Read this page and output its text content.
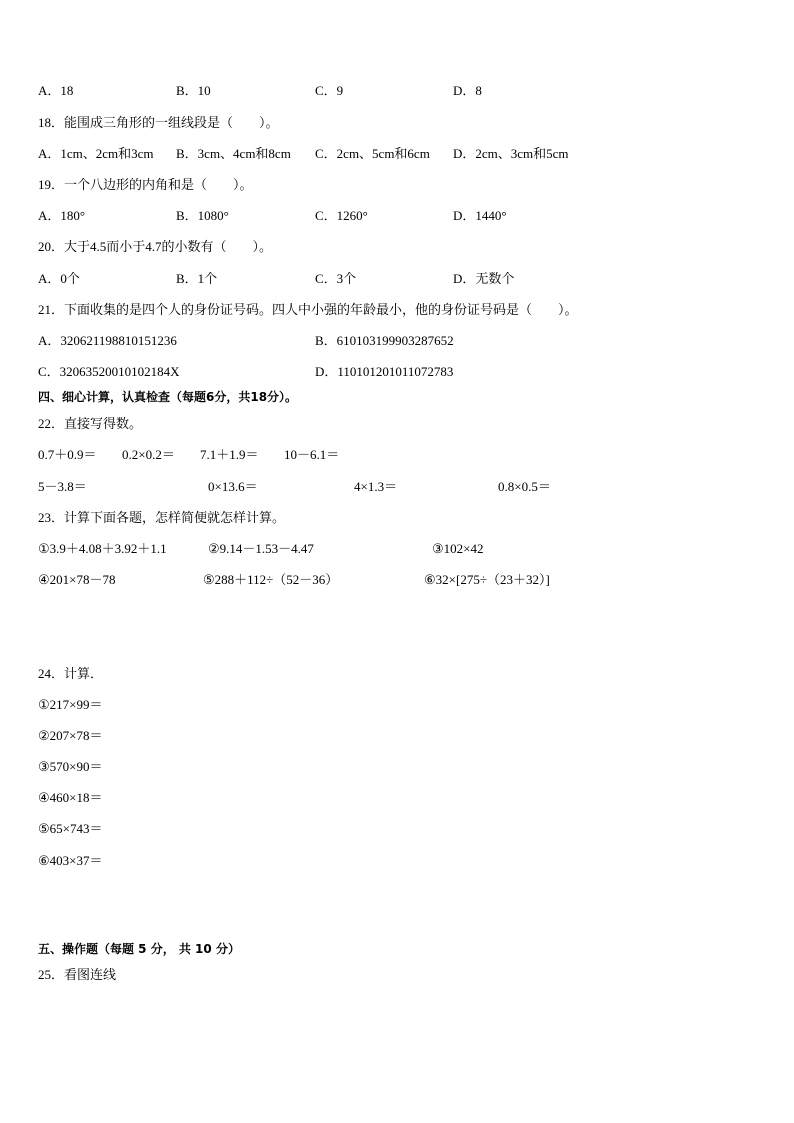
A．18	B．10	C．9	D．8
18．能围成三角形的一组线段是（　　）。
A．1cm、2cm和3cm B．3cm、4cm和8cm C．2cm、5cm和6cm D．2cm、3cm和5cm
19．一个八边形的内角和是（　　）。
A．180°	B．1080°	C．1260°	D．1440°
20．大于4.5而小于4.7的小数有（　　）。
A．0个	B．1个	C．3个	D．无数个
21．下面收集的是四个人的身份证号码。四人中小强的年龄最小，他的身份证号码是（　　）。
A．320621198810151236	B．610103199903287652
C．32063520010102184X	D．110101201011072783
四、细心计算，认真检查（每题6分，共18分）。
22．直接写得数。
0.7＋0.9＝ 0.2×0.2＝ 7.1＋1.9＝ 10－6.1＝
5－3.8＝	0×13.6＝	4×1.3＝	0.8×0.5＝
23．计算下面各题，怎样简便就怎样计算。
①3.9＋4.08＋3.92＋1.1	②9.14－1.53－4.47	③102×42
④201×78－78	⑤288＋112÷（52－36）	⑥32×[275÷（23＋32）]
24．计算．
①217×99＝
②207×78＝
③570×90＝
④460×18＝
⑤65×743＝
⑥403×37＝
五、操作题（每题 5 分， 共 10 分）
25．看图连线
